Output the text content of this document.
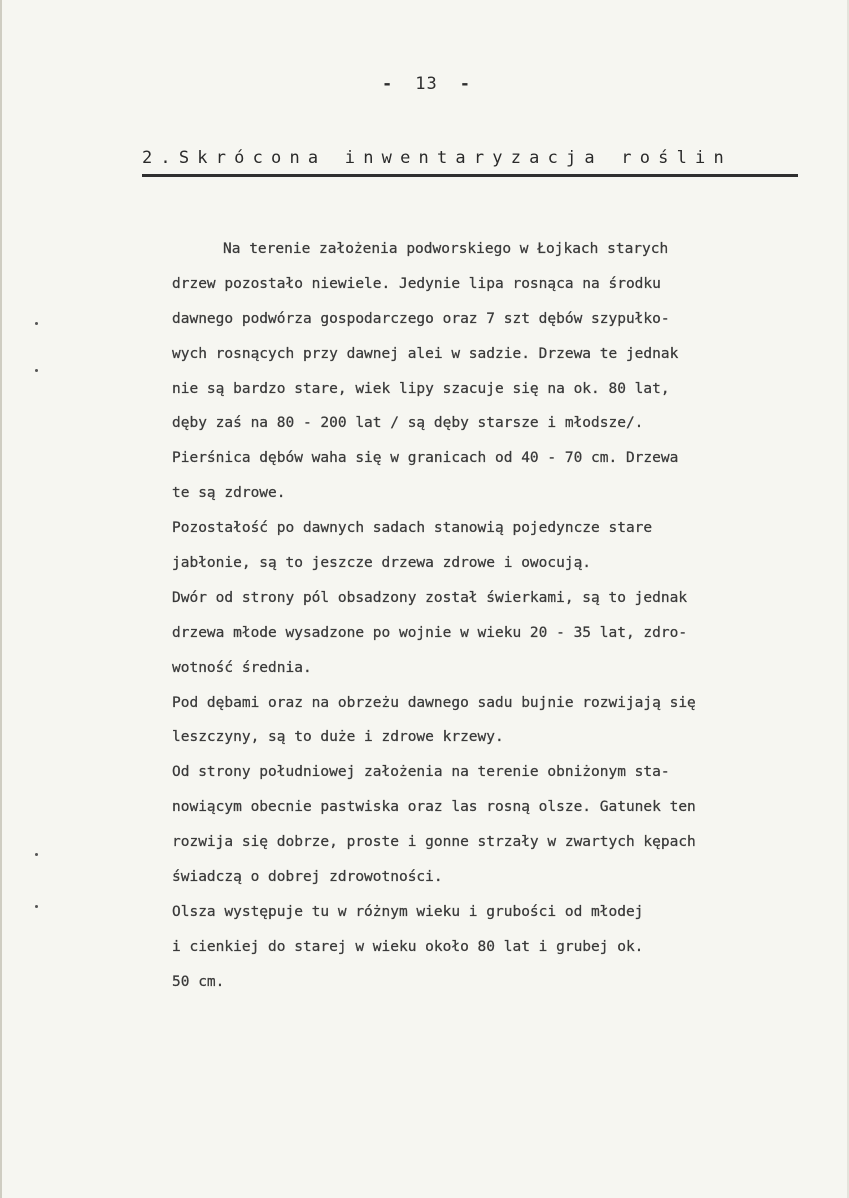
- 13 -
2.Skrócona inwentaryzacja roślin
Na terenie założenia podworskiego w Łojkach starych
drzew pozostało niewiele. Jedynie lipa rosnąca na środku
dawnego podwórza gospodarczego oraz 7 szt dębów szypułko-
wych rosnących przy dawnej alei w sadzie. Drzewa te jednak
nie są bardzo stare, wiek lipy szacuje się na ok. 80 lat,
dęby zaś na 80 - 200 lat / są dęby starsze i młodsze/.
Pierśnica dębów waha się w granicach od 40 - 70 cm. Drzewa
te są zdrowe.
Pozostałość po dawnych sadach stanowią pojedyncze stare
jabłonie, są to jeszcze drzewa zdrowe i owocują.
Dwór od strony pól obsadzony został świerkami, są to jednak
drzewa młode wysadzone po wojnie w wieku 20 - 35 lat, zdro-
wotność średnia.
Pod dębami oraz na obrzeżu dawnego sadu bujnie rozwijają się
leszczyny, są to duże i zdrowe krzewy.
Od strony południowej założenia na terenie obniżonym sta-
nowiącym obecnie pastwiska oraz las rosną olsze. Gatunek ten
rozwija się dobrze, proste i gonne strzały w zwartych kępach
świadczą o dobrej zdrowotności.
Olsza występuje tu w różnym wieku i grubości od młodej
i cienkiej do starej w wieku około 80 lat i grubej ok.
50 cm.
